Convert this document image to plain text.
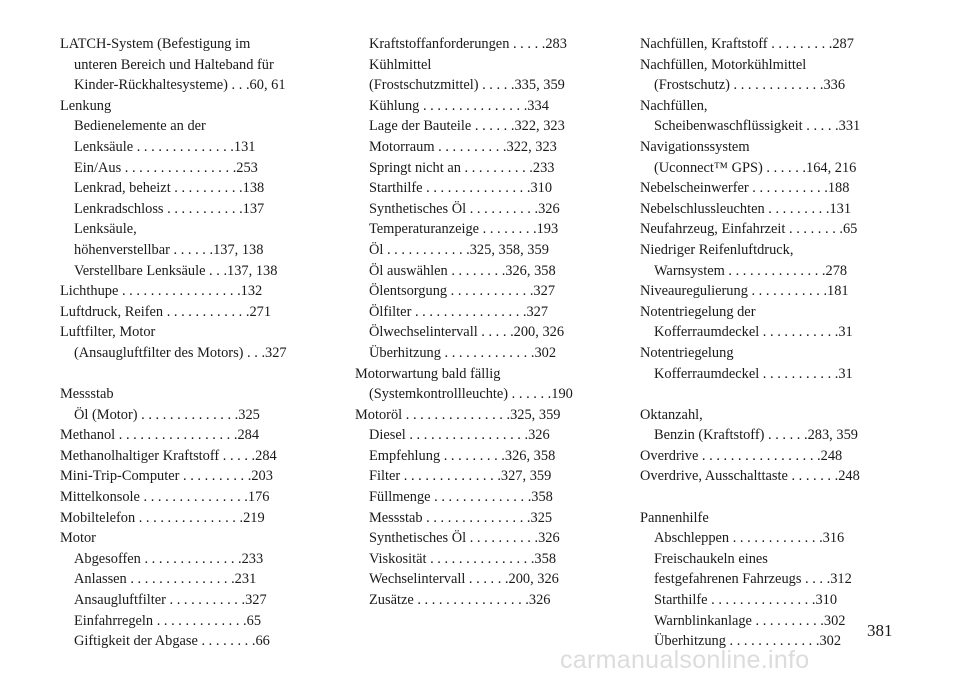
LATCH-System (Befestigung im
unteren Bereich und Halteband für
Kinder-Rückhaltesysteme) . . .60, 61
Lenkung
Bedienelemente an der
Lenksäule . . . . . . . . . . . . . .131
Ein/Aus . . . . . . . . . . . . . . . .253
Lenkrad, beheizt . . . . . . . . . .138
Lenkradschloss . . . . . . . . . . .137
Lenksäule,
höhenverstellbar . . . . . .137, 138
Verstellbare Lenksäule . . .137, 138
Lichthupe . . . . . . . . . . . . . . . . .132
Luftdruck, Reifen . . . . . . . . . . . .271
Luftfilter, Motor
(Ansaugluftfilter des Motors) . . .327
Messstab
Öl (Motor) . . . . . . . . . . . . . .325
Methanol . . . . . . . . . . . . . . . . .284
Methanolhaltiger Kraftstoff . . . . .284
Mini-Trip-Computer . . . . . . . . . .203
Mittelkonsole . . . . . . . . . . . . . . .176
Mobiltelefon . . . . . . . . . . . . . . .219
Motor
Abgesoffen . . . . . . . . . . . . . .233
Anlassen . . . . . . . . . . . . . . .231
Ansaugluftfilter . . . . . . . . . . .327
Einfahrregeln . . . . . . . . . . . . .65
Giftigkeit der Abgase . . . . . . . .66
Kraftstoffanforderungen . . . . .283
Kühlmittel
(Frostschutzmittel) . . . . .335, 359
Kühlung . . . . . . . . . . . . . . .334
Lage der Bauteile . . . . . .322, 323
Motorraum . . . . . . . . . .322, 323
Springt nicht an . . . . . . . . . .233
Starthilfe . . . . . . . . . . . . . . .310
Synthetisches Öl . . . . . . . . . .326
Temperaturanzeige . . . . . . . .193
Öl . . . . . . . . . . . .325, 358, 359
Öl auswählen . . . . . . . .326, 358
Ölentsorgung . . . . . . . . . . . .327
Ölfilter . . . . . . . . . . . . . . . .327
Ölwechselintervall . . . . .200, 326
Überhitzung . . . . . . . . . . . . .302
Motorwartung bald fällig
(Systemkontrollleuchte) . . . . . .190
Motoröl . . . . . . . . . . . . . . .325, 359
Diesel . . . . . . . . . . . . . . . . .326
Empfehlung . . . . . . . . .326, 358
Filter . . . . . . . . . . . . . .327, 359
Füllmenge . . . . . . . . . . . . . .358
Messstab . . . . . . . . . . . . . . .325
Synthetisches Öl . . . . . . . . . .326
Viskosität . . . . . . . . . . . . . . .358
Wechselintervall . . . . . .200, 326
Zusätze . . . . . . . . . . . . . . . .326
Nachfüllen, Kraftstoff . . . . . . . . .287
Nachfüllen, Motorkühlmittel
(Frostschutz) . . . . . . . . . . . . .336
Nachfüllen,
Scheibenwaschflüssigkeit . . . . .331
Navigationssystem
(Uconnect™ GPS) . . . . . .164, 216
Nebelscheinwerfer . . . . . . . . . . .188
Nebelschlussleuchten . . . . . . . . .131
Neufahrzeug, Einfahrzeit . . . . . . . .65
Niedriger Reifenluftdruck,
Warnsystem . . . . . . . . . . . . . .278
Niveauregulierung . . . . . . . . . . .181
Notentriegelung der
Kofferraumdeckel . . . . . . . . . . .31
Notentriegelung
Kofferraumdeckel . . . . . . . . . . .31
Oktanzahl,
Benzin (Kraftstoff) . . . . . .283, 359
Overdrive . . . . . . . . . . . . . . . . .248
Overdrive, Ausschalttaste . . . . . . .248
Pannenhilfe
Abschleppen . . . . . . . . . . . . .316
Freischaukeln eines
festgefahrenen Fahrzeugs . . . .312
Starthilfe . . . . . . . . . . . . . . .310
Warnblinkanlage . . . . . . . . . .302
Überhitzung . . . . . . . . . . . . .302
381
carmanualsonline.info
